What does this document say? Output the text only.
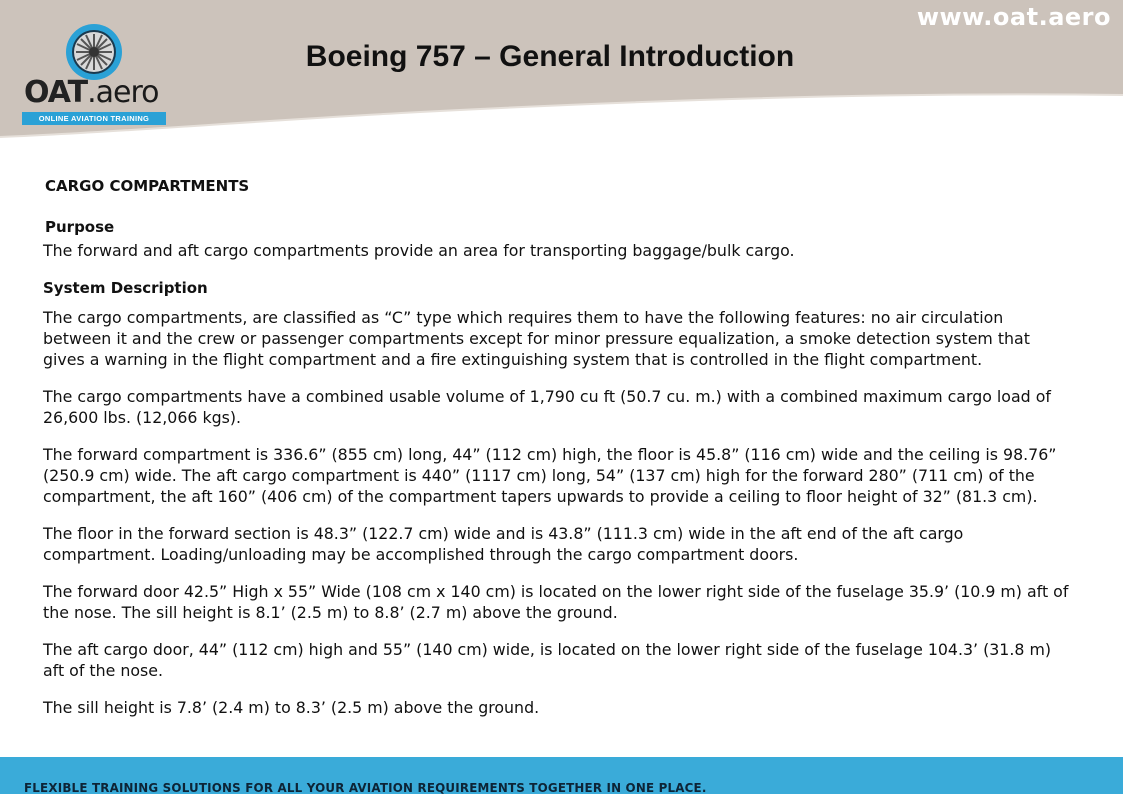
OAT.aero
ONLINE AVIATION TRAINING
www.oat.aero
Boeing 757 – General Introduction
CARGO COMPARTMENTS
Purpose

The forward and aft cargo compartments provide an area for transporting baggage/bulk cargo.

System Description

The cargo compartments, are classified as “C” type which requires them to have the following features: no air circulation between it and the crew or passenger compartments except for minor pressure equalization, a smoke detection system that gives a warning in the flight compartment and a fire extinguishing system that is controlled in the flight compartment.

The cargo compartments have a combined usable volume of 1,790 cu ft (50.7 cu. m.) with a combined maximum cargo load of 26,600 lbs. (12,066 kgs).

The forward compartment is 336.6” (855 cm) long, 44” (112 cm) high, the floor is 45.8” (116 cm) wide and the ceiling is 98.76” (250.9 cm) wide. The aft cargo compartment is 440” (1117 cm) long, 54” (137 cm) high for the forward 280” (711 cm) of the compartment, the aft 160” (406 cm) of the compartment tapers upwards to provide a ceiling to floor height of 32” (81.3 cm).

The floor in the forward section is 48.3” (122.7 cm) wide and is 43.8” (111.3 cm) wide in the aft end of the aft cargo compartment. Loading/unloading may be accomplished through the cargo compartment doors.

The forward door 42.5” High x 55” Wide (108 cm x 140 cm) is located on the lower right side of the fuselage 35.9’ (10.9 m) aft of the nose. The sill height is 8.1’ (2.5 m) to 8.8’ (2.7 m) above the ground.

The aft cargo door, 44” (112 cm) high and 55” (140 cm) wide, is located on the lower right side of the fuselage 104.3’ (31.8 m) aft of the nose.

The sill height is 7.8’ (2.4 m) to 8.3’ (2.5 m) above the ground.

FLEXIBLE TRAINING SOLUTIONS FOR ALL YOUR AVIATION REQUIREMENTS TOGETHER IN ONE PLACE.
